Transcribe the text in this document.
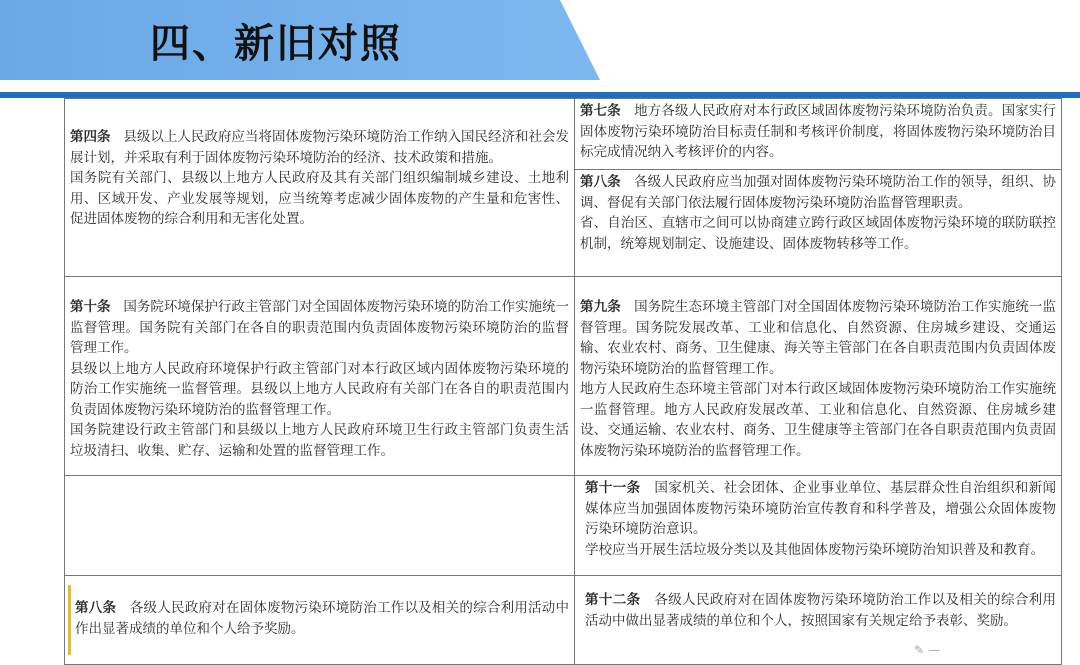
四、新旧对照

第四条 县级以上人民政府应当将固体废物污染环境防治工作纳入国民经济和社会发展计划，并采取有利于固体废物污染环境防治的经济、技术政策和措施。

国务院有关部门、县级以上地方人民政府及其有关部门组织编制城乡建设、土地利用、区域开发、产业发展等规划，应当统筹考虑减少固体废物的产生量和危害性、促进固体废物的综合利用和无害化处置。

第七条 地方各级人民政府对本行政区域固体废物污染环境防治负责。国家实行固体废物污染环境防治目标责任制和考核评价制度，将固体废物污染环境防治目标完成情况纳入考核评价的内容。

第八条 各级人民政府应当加强对固体废物污染环境防治工作的领导，组织、协调、督促有关部门依法履行固体废物污染环境防治监督管理职责。

省、自治区、直辖市之间可以协商建立跨行政区域固体废物污染环境的联防联控机制，统筹规划制定、设施建设、固体废物转移等工作。

第十条 国务院环境保护行政主管部门对全国固体废物污染环境的防治工作实施统一监督管理。国务院有关部门在各自的职责范围内负责固体废物污染环境防治的监督管理工作。

县级以上地方人民政府环境保护行政主管部门对本行政区域内固体废物污染环境的防治工作实施统一监督管理。县级以上地方人民政府有关部门在各自的职责范围内负责固体废物污染环境防治的监督管理工作。

国务院建设行政主管部门和县级以上地方人民政府环境卫生行政主管部门负责生活垃圾清扫、收集、贮存、运输和处置的监督管理工作。

第九条 国务院生态环境主管部门对全国固体废物污染环境防治工作实施统一监督管理。国务院发展改革、工业和信息化、自然资源、住房城乡建设、交通运输、农业农村、商务、卫生健康、海关等主管部门在各自职责范围内负责固体废物污染环境防治的监督管理工作。

地方人民政府生态环境主管部门对本行政区域固体废物污染环境防治工作实施统一监督管理。地方人民政府发展改革、工业和信息化、自然资源、住房城乡建设、交通运输、农业农村、商务、卫生健康等主管部门在各自职责范围内负责固体废物污染环境防治的监督管理工作。

第十一条 国家机关、社会团体、企业事业单位、基层群众性自治组织和新闻媒体应当加强固体废物污染环境防治宣传教育和科学普及，增强公众固体废物污染环境防治意识。

学校应当开展生活垃圾分类以及其他固体废物污染环境防治知识普及和教育。

第八条 各级人民政府对在固体废物污染环境防治工作以及相关的综合利用活动中作出显著成绩的单位和个人给予奖励。

第十二条 各级人民政府对在固体废物污染环境防治工作以及相关的综合利用活动中做出显著成绩的单位和个人，按照国家有关规定给予表彰、奖励。

✎ —
